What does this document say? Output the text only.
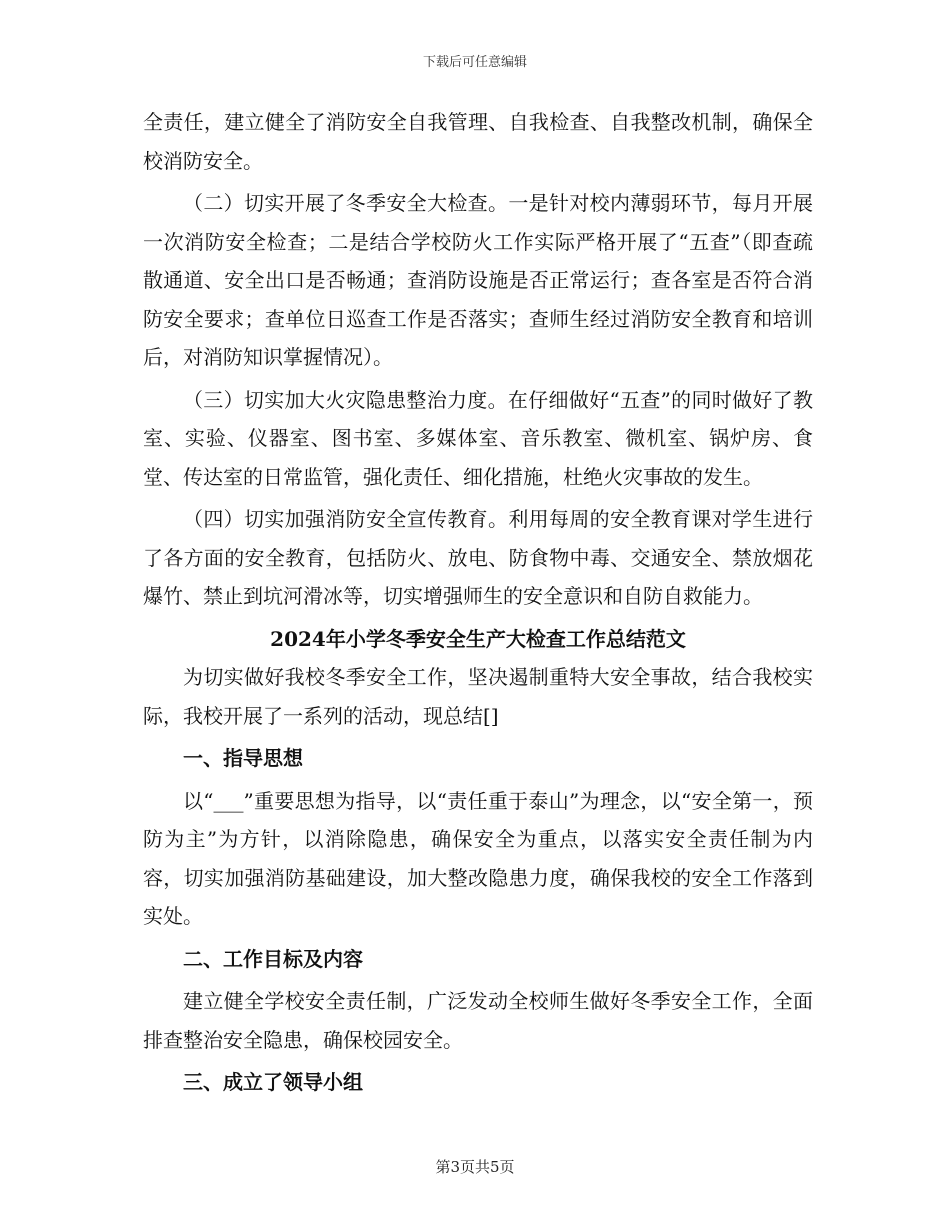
下载后可任意编辑

全责任，建立健全了消防安全自我管理、自我检查、自我整改机制，确保全校消防安全。

（二）切实开展了冬季安全大检查。一是针对校内薄弱环节，每月开展一次消防安全检查；二是结合学校防火工作实际严格开展了“五查”（即查疏散通道、安全出口是否畅通；查消防设施是否正常运行；查各室是否符合消防安全要求；查单位日巡查工作是否落实；查师生经过消防安全教育和培训后，对消防知识掌握情况）。

（三）切实加大火灾隐患整治力度。在仔细做好“五查”的同时做好了教室、实验、仪器室、图书室、多媒体室、音乐教室、微机室、锅炉房、食堂、传达室的日常监管，强化责任、细化措施，杜绝火灾事故的发生。

（四）切实加强消防安全宣传教育。利用每周的安全教育课对学生进行了各方面的安全教育，包括防火、放电、防食物中毒、交通安全、禁放烟花爆竹、禁止到坑河滑冰等，切实增强师生的安全意识和自防自救能力。

2024年小学冬季安全生产大检查工作总结范文

为切实做好我校冬季安全工作，坚决遏制重特大安全事故，结合我校实际，我校开展了一系列的活动，现总结[]

一、指导思想

以“___”重要思想为指导，以“责任重于泰山”为理念，以“安全第一，预防为主”为方针，以消除隐患，确保安全为重点，以落实安全责任制为内容，切实加强消防基础建设，加大整改隐患力度，确保我校的安全工作落到实处。

二、工作目标及内容

建立健全学校安全责任制，广泛发动全校师生做好冬季安全工作，全面排查整治安全隐患，确保校园安全。

三、成立了领导小组

第3页共5页
